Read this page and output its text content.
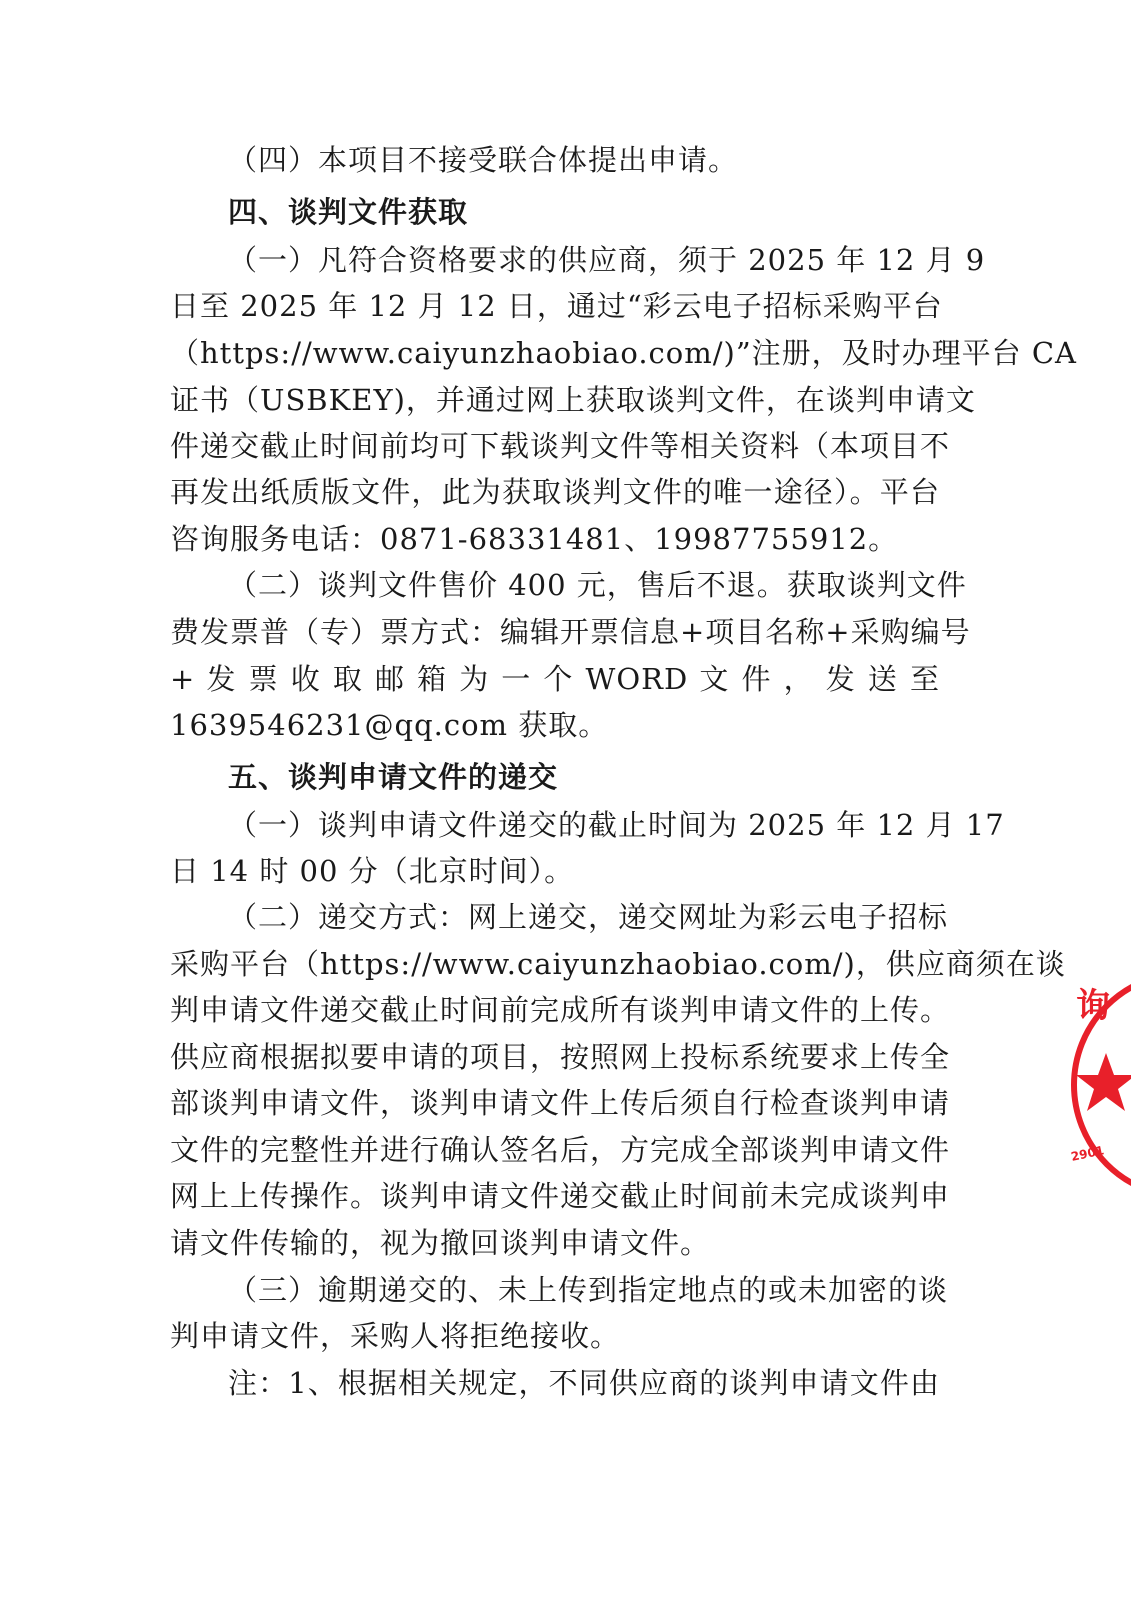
（四）本项目不接受联合体提出申请。
四、谈判文件获取
（一）凡符合资格要求的供应商，须于 2025 年 12 月 9
日至 2025 年 12 月 12 日，通过“彩云电子招标采购平台
（https://www.caiyunzhaobiao.com/)”注册，及时办理平台 CA
证书（USBKEY)，并通过网上获取谈判文件，在谈判申请文
件递交截止时间前均可下载谈判文件等相关资料（本项目不
再发出纸质版文件，此为获取谈判文件的唯一途径）。平台
咨询服务电话：0871-68331481、19987755912。
（二）谈判文件售价 400 元，售后不退。获取谈判文件
费发票普（专）票方式：编辑开票信息+项目名称+采购编号
+ 发 票 收 取 邮 箱 为 一 个 WORD 文 件 ， 发 送 至
1639546231@qq.com 获取。
五、谈判申请文件的递交
（一）谈判申请文件递交的截止时间为 2025 年 12 月 17
日 14 时 00 分（北京时间）。
（二）递交方式：网上递交，递交网址为彩云电子招标
采购平台（https://www.caiyunzhaobiao.com/)，供应商须在谈
判申请文件递交截止时间前完成所有谈判申请文件的上传。
供应商根据拟要申请的项目，按照网上投标系统要求上传全
部谈判申请文件，谈判申请文件上传后须自行检查谈判申请
文件的完整性并进行确认签名后，方完成全部谈判申请文件
网上上传操作。谈判申请文件递交截止时间前未完成谈判申
请文件传输的，视为撤回谈判申请文件。
（三）逾期递交的、未上传到指定地点的或未加密的谈
判申请文件，采购人将拒绝接收。
注：1、根据相关规定，不同供应商的谈判申请文件由
询
2901
